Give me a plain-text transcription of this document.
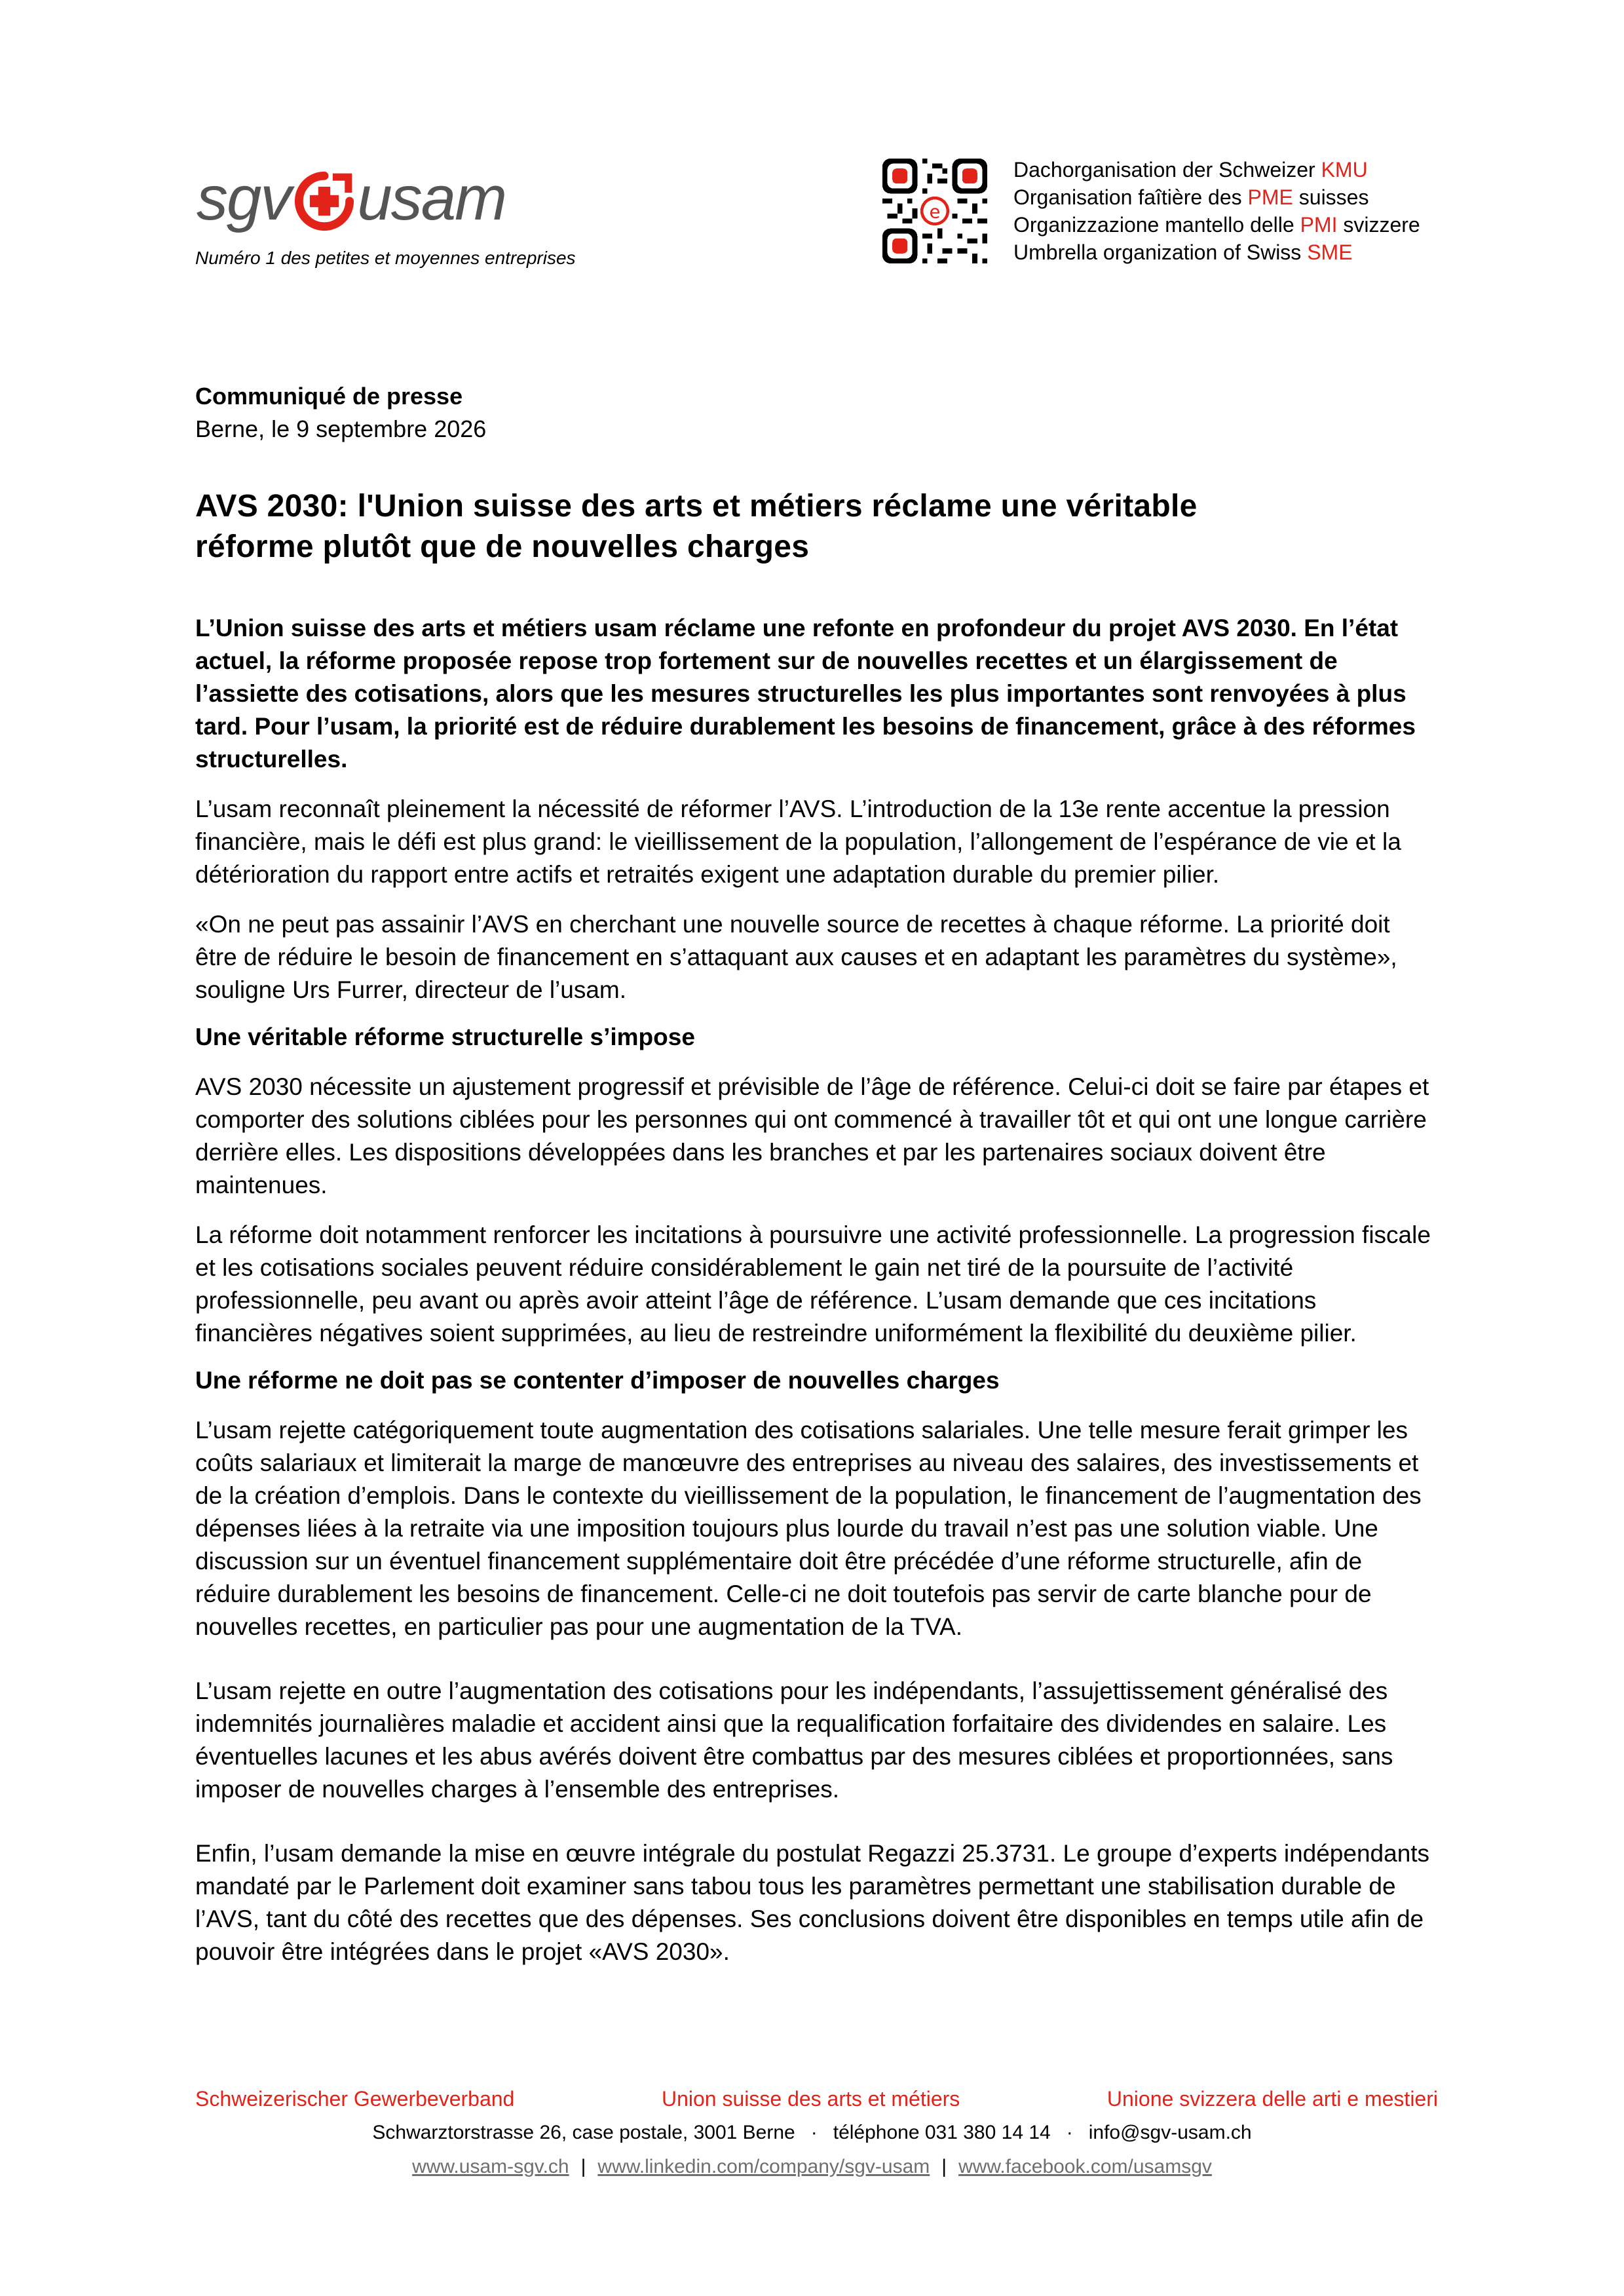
sgv usam
Numéro 1 des petites et moyennes entreprises
e
Dachorganisation der Schweizer KMU
Organisation faîtière des PME suisses
Organizzazione mantello delle PMI svizzere
Umbrella organization of Swiss SME

Communiqué de presse

Berne, le 9 septembre 2026

AVS 2030: l'Union suisse des arts et métiers réclame une véritable
réforme plutôt que de nouvelles charges

L’Union suisse des arts et métiers usam réclame une refonte en profondeur du projet AVS 2030. En l’état actuel, la réforme proposée repose trop fortement sur de nouvelles recettes et un élargissement de l’assiette des cotisations, alors que les mesures structurelles les plus importantes sont renvoyées à plus tard. Pour l’usam, la priorité est de réduire durablement les besoins de financement, grâce à des réformes structurelles.

L’usam reconnaît pleinement la nécessité de réformer l’AVS. L’introduction de la 13e rente accentue la pression financière, mais le défi est plus grand: le vieillissement de la population, l’allongement de l’espérance de vie et la détérioration du rapport entre actifs et retraités exigent une adaptation durable du premier pilier.

«On ne peut pas assainir l’AVS en cherchant une nouvelle source de recettes à chaque réforme. La priorité doit être de réduire le besoin de financement en s’attaquant aux causes et en adaptant les paramètres du système», souligne Urs Furrer, directeur de l’usam.

Une véritable réforme structurelle s’impose

AVS 2030 nécessite un ajustement progressif et prévisible de l’âge de référence. Celui-ci doit se faire par étapes et comporter des solutions ciblées pour les personnes qui ont commencé à travailler tôt et qui ont une longue carrière derrière elles. Les dispositions développées dans les branches et par les partenaires sociaux doivent être maintenues.

La réforme doit notamment renforcer les incitations à poursuivre une activité professionnelle. La progression fiscale et les cotisations sociales peuvent réduire considérablement le gain net tiré de la poursuite de l’activité professionnelle, peu avant ou après avoir atteint l’âge de référence. L’usam demande que ces incitations financières négatives soient supprimées, au lieu de restreindre uniformément la flexibilité du deuxième pilier.

Une réforme ne doit pas se contenter d’imposer de nouvelles charges

L’usam rejette catégoriquement toute augmentation des cotisations salariales. Une telle mesure ferait grimper les coûts salariaux et limiterait la marge de manœuvre des entreprises au niveau des salaires, des investissements et de la création d’emplois. Dans le contexte du vieillissement de la population, le financement de l’augmentation des dépenses liées à la retraite via une imposition toujours plus lourde du travail n’est pas une solution viable. Une discussion sur un éventuel financement supplémentaire doit être précédée d’une réforme structurelle, afin de réduire durablement les besoins de financement. Celle-ci ne doit toutefois pas servir de carte blanche pour de nouvelles recettes, en particulier pas pour une augmentation de la TVA.

L’usam rejette en outre l’augmentation des cotisations pour les indépendants, l’assujettissement généralisé des indemnités journalières maladie et accident ainsi que la requalification forfaitaire des dividendes en salaire. Les éventuelles lacunes et les abus avérés doivent être combattus par des mesures ciblées et proportionnées, sans imposer de nouvelles charges à l’ensemble des entreprises.

Enfin, l’usam demande la mise en œuvre intégrale du postulat Regazzi 25.3731. Le groupe d’experts indépendants mandaté par le Parlement doit examiner sans tabou tous les paramètres permettant une stabilisation durable de l’AVS, tant du côté des recettes que des dépenses. Ses conclusions doivent être disponibles en temps utile afin de pouvoir être intégrées dans le projet «AVS 2030».

Schweizerischer Gewerbeverband	Union suisse des arts et métiers	Unione svizzera delle arti e mestieri
Schwarztorstrasse 26, case postale, 3001 Berne · téléphone 031 380 14 14 · info@sgv-usam.ch
www.usam-sgv.ch | www.linkedin.com/company/sgv-usam | www.facebook.com/usamsgv
